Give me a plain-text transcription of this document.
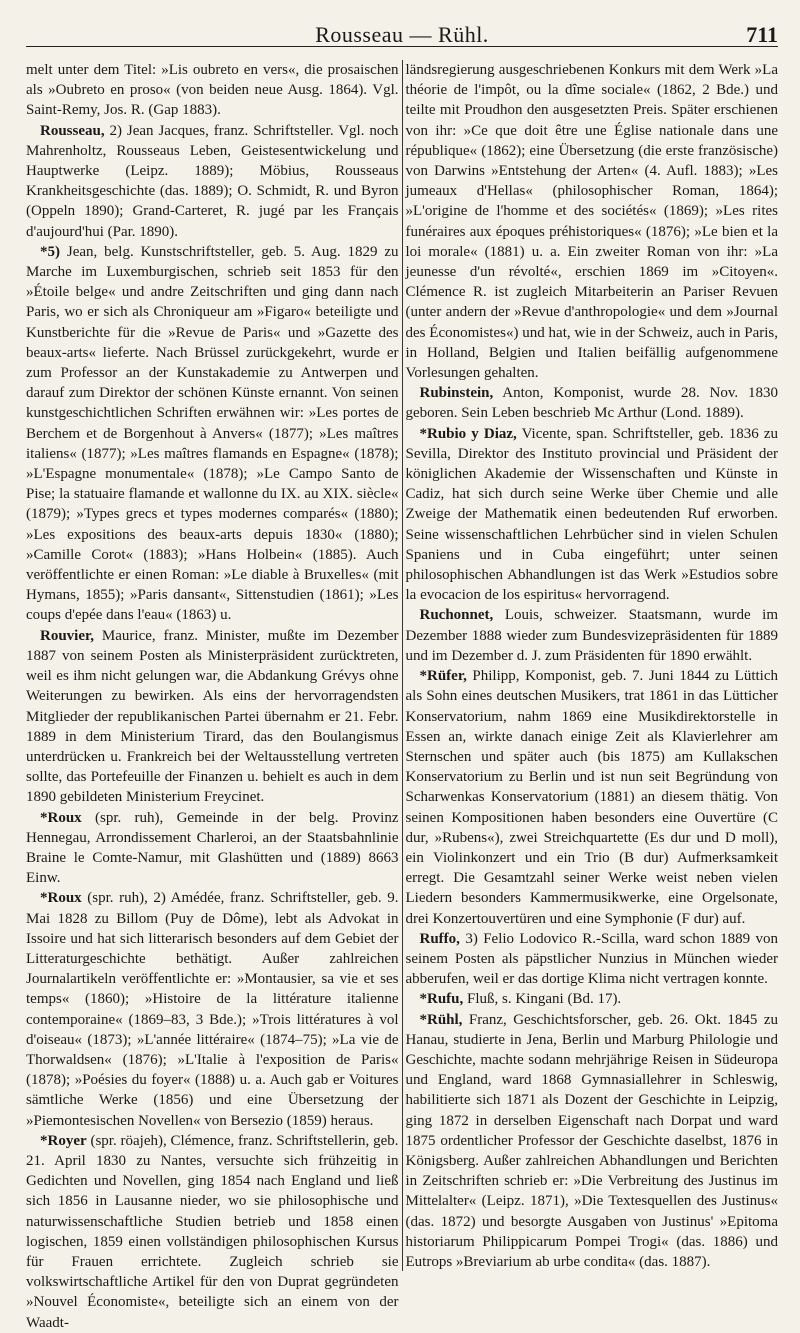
Rousseau — Rühl.	711

melt unter dem Titel: »Lis oubreto en vers«, die prosaischen als »Oubreto en proso« (von beiden neue Ausg. 1864). Vgl. Saint-Remy, Jos. R. (Gap 1883).

Rousseau, 2) Jean Jacques, franz. Schriftsteller. Vgl. noch Mahrenholtz, Rousseaus Leben, Geistesentwickelung und Hauptwerke (Leipz. 1889); Möbius, Rousseaus Krankheitsgeschichte (das. 1889); O. Schmidt, R. und Byron (Oppeln 1890); Grand-Carteret, R. jugé par les Français d'aujourd'hui (Par. 1890).

*5) Jean, belg. Kunstschriftsteller, geb. 5. Aug. 1829 zu Marche im Luxemburgischen, schrieb seit 1853 für den »Étoile belge« und andre Zeitschriften und ging dann nach Paris, wo er sich als Chroniqueur am »Figaro« beteiligte und Kunstberichte für die »Revue de Paris« und »Gazette des beaux-arts« lieferte. Nach Brüssel zurückgekehrt, wurde er zum Professor an der Kunstakademie zu Antwerpen und darauf zum Direktor der schönen Künste ernannt. Von seinen kunstgeschichtlichen Schriften erwähnen wir: »Les portes de Berchem et de Borgenhout à Anvers« (1877); »Les maîtres italiens« (1877); »Les maîtres flamands en Espagne« (1878); »L'Espagne monumentale« (1878); »Le Campo Santo de Pise; la statuaire flamande et wallonne du IX. au XIX. siècle« (1879); »Types grecs et types modernes comparés« (1880); »Les expositions des beaux-arts depuis 1830« (1880); »Camille Corot« (1883); »Hans Holbein« (1885). Auch veröffentlichte er einen Roman: »Le diable à Bruxelles« (mit Hymans, 1855); »Paris dansant«, Sittenstudien (1861); »Les coups d'epée dans l'eau« (1863) u.

Rouvier, Maurice, franz. Minister, mußte im Dezember 1887 von seinem Posten als Ministerpräsident zurücktreten, weil es ihm nicht gelungen war, die Abdankung Grévys ohne Weiterungen zu bewirken. Als eins der hervorragendsten Mitglieder der republikanischen Partei übernahm er 21. Febr. 1889 in dem Ministerium Tirard, das den Boulangismus unterdrücken u. Frankreich bei der Weltausstellung vertreten sollte, das Portefeuille der Finanzen u. behielt es auch in dem 1890 gebildeten Ministerium Freycinet.

*Roux (spr. ruh), Gemeinde in der belg. Provinz Hennegau, Arrondissement Charleroi, an der Staatsbahnlinie Braine le Comte-Namur, mit Glashütten und (1889) 8663 Einw.

*Roux (spr. ruh), 2) Amédée, franz. Schriftsteller, geb. 9. Mai 1828 zu Billom (Puy de Dôme), lebt als Advokat in Issoire und hat sich litterarisch besonders auf dem Gebiet der Litteraturgeschichte bethätigt. Außer zahlreichen Journalartikeln veröffentlichte er: »Montausier, sa vie et ses temps« (1860); »Histoire de la littérature italienne contemporaine« (1869–83, 3 Bde.); »Trois littératures à vol d'oiseau« (1873); »L'année littéraire« (1874–75); »La vie de Thorwaldsen« (1876); »L'Italie à l'exposition de Paris« (1878); »Poésies du foyer« (1888) u. a. Auch gab er Voitures sämtliche Werke (1856) und eine Übersetzung der »Piemontesischen Novellen« von Bersezio (1859) heraus.

*Royer (spr. röajeh), Clémence, franz. Schriftstellerin, geb. 21. April 1830 zu Nantes, versuchte sich frühzeitig in Gedichten und Novellen, ging 1854 nach England und ließ sich 1856 in Lausanne nieder, wo sie philosophische und naturwissenschaftliche Studien betrieb und 1858 einen logischen, 1859 einen vollständigen philosophischen Kursus für Frauen errichtete. Zugleich schrieb sie volkswirtschaftliche Artikel für den von Duprat gegründeten »Nouvel Économiste«, beteiligte sich an einem von der Waadt-

ländsregierung ausgeschriebenen Konkurs mit dem Werk »La théorie de l'impôt, ou la dîme sociale« (1862, 2 Bde.) und teilte mit Proudhon den ausgesetzten Preis. Später erschienen von ihr: »Ce que doit être une Église nationale dans une république« (1862); eine Übersetzung (die erste französische) von Darwins »Entstehung der Arten« (4. Aufl. 1883); »Les jumeaux d'Hellas« (philosophischer Roman, 1864); »L'origine de l'homme et des sociétés« (1869); »Les rites funéraires aux époques préhistoriques« (1876); »Le bien et la loi morale« (1881) u. a. Ein zweiter Roman von ihr: »La jeunesse d'un révolté«, erschien 1869 im »Citoyen«. Clémence R. ist zugleich Mitarbeiterin an Pariser Revuen (unter andern der »Revue d'anthropologie« und dem »Journal des Économistes«) und hat, wie in der Schweiz, auch in Paris, in Holland, Belgien und Italien beifällig aufgenommene Vorlesungen gehalten.

Rubinstein, Anton, Komponist, wurde 28. Nov. 1830 geboren. Sein Leben beschrieb Mc Arthur (Lond. 1889).

*Rubio y Diaz, Vicente, span. Schriftsteller, geb. 1836 zu Sevilla, Direktor des Instituto provincial und Präsident der königlichen Akademie der Wissenschaften und Künste in Cadiz, hat sich durch seine Werke über Chemie und alle Zweige der Mathematik einen bedeutenden Ruf erworben. Seine wissenschaftlichen Lehrbücher sind in vielen Schulen Spaniens und in Cuba eingeführt; unter seinen philosophischen Abhandlungen ist das Werk »Estudios sobre la evocacion de los espiritus« hervorragend.

Ruchonnet, Louis, schweizer. Staatsmann, wurde im Dezember 1888 wieder zum Bundesvizepräsidenten für 1889 und im Dezember d. J. zum Präsidenten für 1890 erwählt.

*Rüfer, Philipp, Komponist, geb. 7. Juni 1844 zu Lüttich als Sohn eines deutschen Musikers, trat 1861 in das Lütticher Konservatorium, nahm 1869 eine Musikdirektorstelle in Essen an, wirkte danach einige Zeit als Klavierlehrer am Sternschen und später auch (bis 1875) am Kullakschen Konservatorium zu Berlin und ist nun seit Begründung von Scharwenkas Konservatorium (1881) an diesem thätig. Von seinen Kompositionen haben besonders eine Ouvertüre (C dur, »Rubens«), zwei Streichquartette (Es dur und D moll), ein Violinkonzert und ein Trio (B dur) Aufmerksamkeit erregt. Die Gesamtzahl seiner Werke weist neben vielen Liedern besonders Kammermusikwerke, eine Orgelsonate, drei Konzertouvertüren und eine Symphonie (F dur) auf.

Ruffo, 3) Felio Lodovico R.-Scilla, ward schon 1889 von seinem Posten als päpstlicher Nunzius in München wieder abberufen, weil er das dortige Klima nicht vertragen konnte.

*Rufu, Fluß, s. Kingani (Bd. 17).

*Rühl, Franz, Geschichtsforscher, geb. 26. Okt. 1845 zu Hanau, studierte in Jena, Berlin und Marburg Philologie und Geschichte, machte sodann mehrjährige Reisen in Südeuropa und England, ward 1868 Gymnasiallehrer in Schleswig, habilitierte sich 1871 als Dozent der Geschichte in Leipzig, ging 1872 in derselben Eigenschaft nach Dorpat und ward 1875 ordentlicher Professor der Geschichte daselbst, 1876 in Königsberg. Außer zahlreichen Abhandlungen und Berichten in Zeitschriften schrieb er: »Die Verbreitung des Justinus im Mittelalter« (Leipz. 1871), »Die Textesquellen des Justinus« (das. 1872) und besorgte Ausgaben von Justinus' »Epitoma historiarum Philippicarum Pompei Trogi« (das. 1886) und Eutrops »Breviarium ab urbe condita« (das. 1887).
